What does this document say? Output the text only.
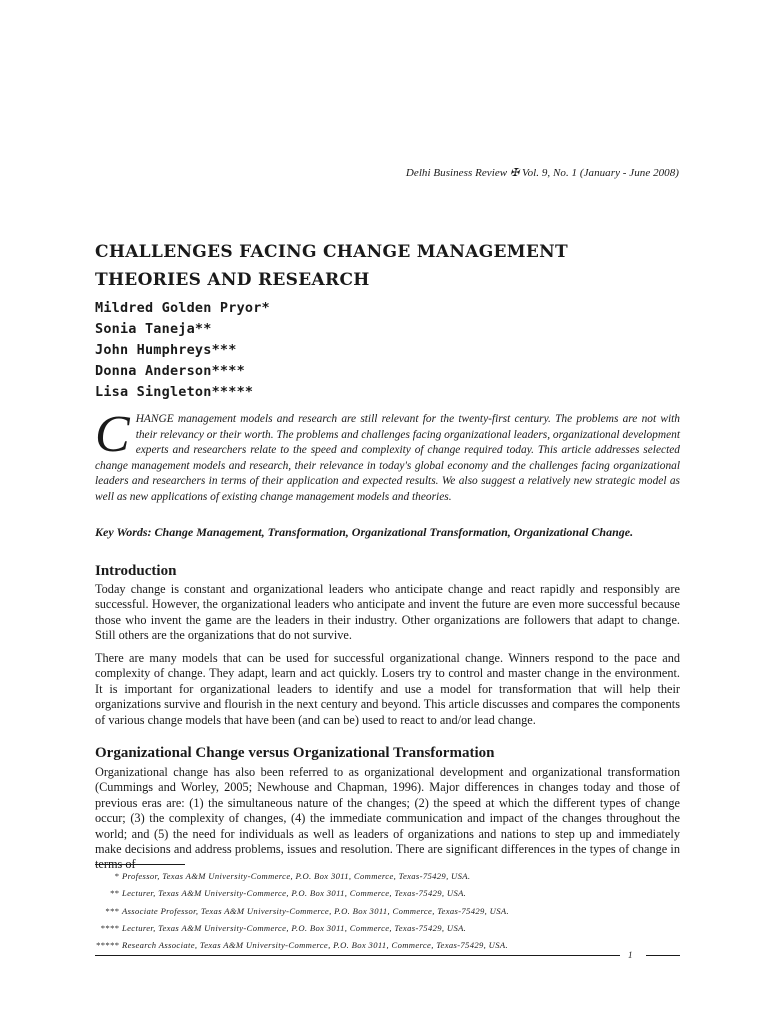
Delhi Business Review ✠ Vol. 9, No. 1 (January - June 2008)
CHALLENGES FACING CHANGE MANAGEMENT
THEORIES AND RESEARCH
Mildred Golden Pryor*
Sonia Taneja**
John Humphreys***
Donna Anderson****
Lisa Singleton*****

CHANGE management models and research are still relevant for the twenty-first century. The problems are not with their relevancy or their worth. The problems and challenges facing organizational leaders, organizational development experts and researchers relate to the speed and complexity of change required today. This article addresses selected change management models and research, their relevance in today's global economy and the challenges facing organizational leaders and researchers in terms of their application and expected results. We also suggest a relatively new strategic model as well as new applications of existing change management models and theories.

Key Words: Change Management, Transformation, Organizational Transformation, Organizational Change.

Introduction

Today change is constant and organizational leaders who anticipate change and react rapidly and responsibly are successful. However, the organizational leaders who anticipate and invent the future are even more successful because those who invent the game are the leaders in their industry. Other organizations are followers that adapt to change. Still others are the organizations that do not survive.

There are many models that can be used for successful organizational change. Winners respond to the pace and complexity of change. They adapt, learn and act quickly. Losers try to control and master change in the environment. It is important for organizational leaders to identify and use a model for transformation that will help their organizations survive and flourish in the next century and beyond. This article discusses and compares the components of various change models that have been (and can be) used to react to and/or lead change.

Organizational Change versus Organizational Transformation

Organizational change has also been referred to as organizational development and organizational transformation (Cummings and Worley, 2005; Newhouse and Chapman, 1996). Major differences in changes today and those of previous eras are: (1) the simultaneous nature of the changes; (2) the speed at which the different types of change occur; (3) the complexity of changes, (4) the immediate communication and impact of the changes throughout the world; and (5) the need for individuals as well as leaders of organizations and nations to step up and immediately make decisions and address problems, issues and resolution. There are significant differences in the types of change in terms of

* Professor, Texas A&M University-Commerce, P.O. Box 3011, Commerce, Texas-75429, USA.
** Lecturer, Texas A&M University-Commerce, P.O. Box 3011, Commerce, Texas-75429, USA.
*** Associate Professor, Texas A&M University-Commerce, P.O. Box 3011, Commerce, Texas-75429, USA.
**** Lecturer, Texas A&M University-Commerce, P.O. Box 3011, Commerce, Texas-75429, USA.
***** Research Associate, Texas A&M University-Commerce, P.O. Box 3011, Commerce, Texas-75429, USA.
1
